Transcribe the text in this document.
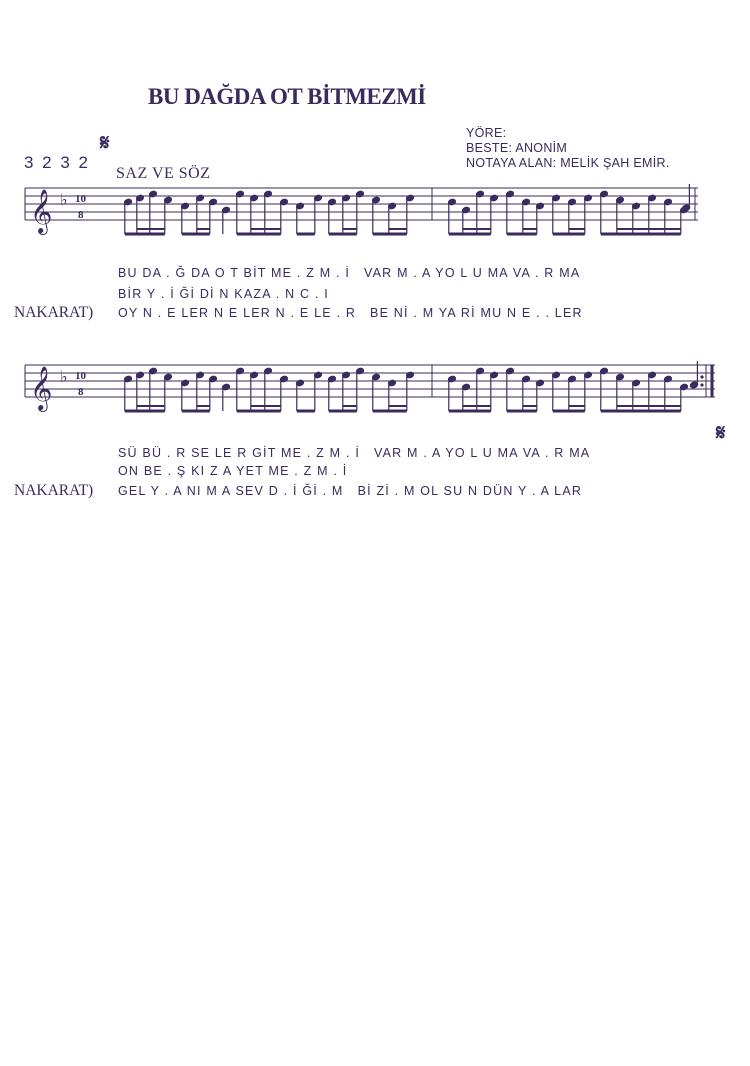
BU DAĞDA OT BİTMEZMİ
YÖRE:
BESTE: ANONİM
NOTAYA ALAN: MELİK ŞAH EMİR.
3 2 3 2
𝄋
SAZ VE SÖZ
𝄞 ♭ 10
8
BU DA . Ğ DA O T BİT ME . Z M . İ   VAR M . A YO L U MA VA . R MA
BİR Y . İ Ğİ Dİ N KAZA . N C . I
NAKARAT) OY N . E LER N E LER N . E LE . R   BE Nİ . M YA Rİ MU N E . . LER
𝄞 ♭ 10
8
𝄋
SÜ BÜ . R SE LE R GİT ME . Z M . İ   VAR M . A YO L U MA VA . R MA
ON BE . Ş KI Z A YET ME . Z M . İ
NAKARAT) GEL Y . A NI M A SEV D . İ Ğİ . M   Bİ Zİ . M OL SU N DÜN Y . A LAR
